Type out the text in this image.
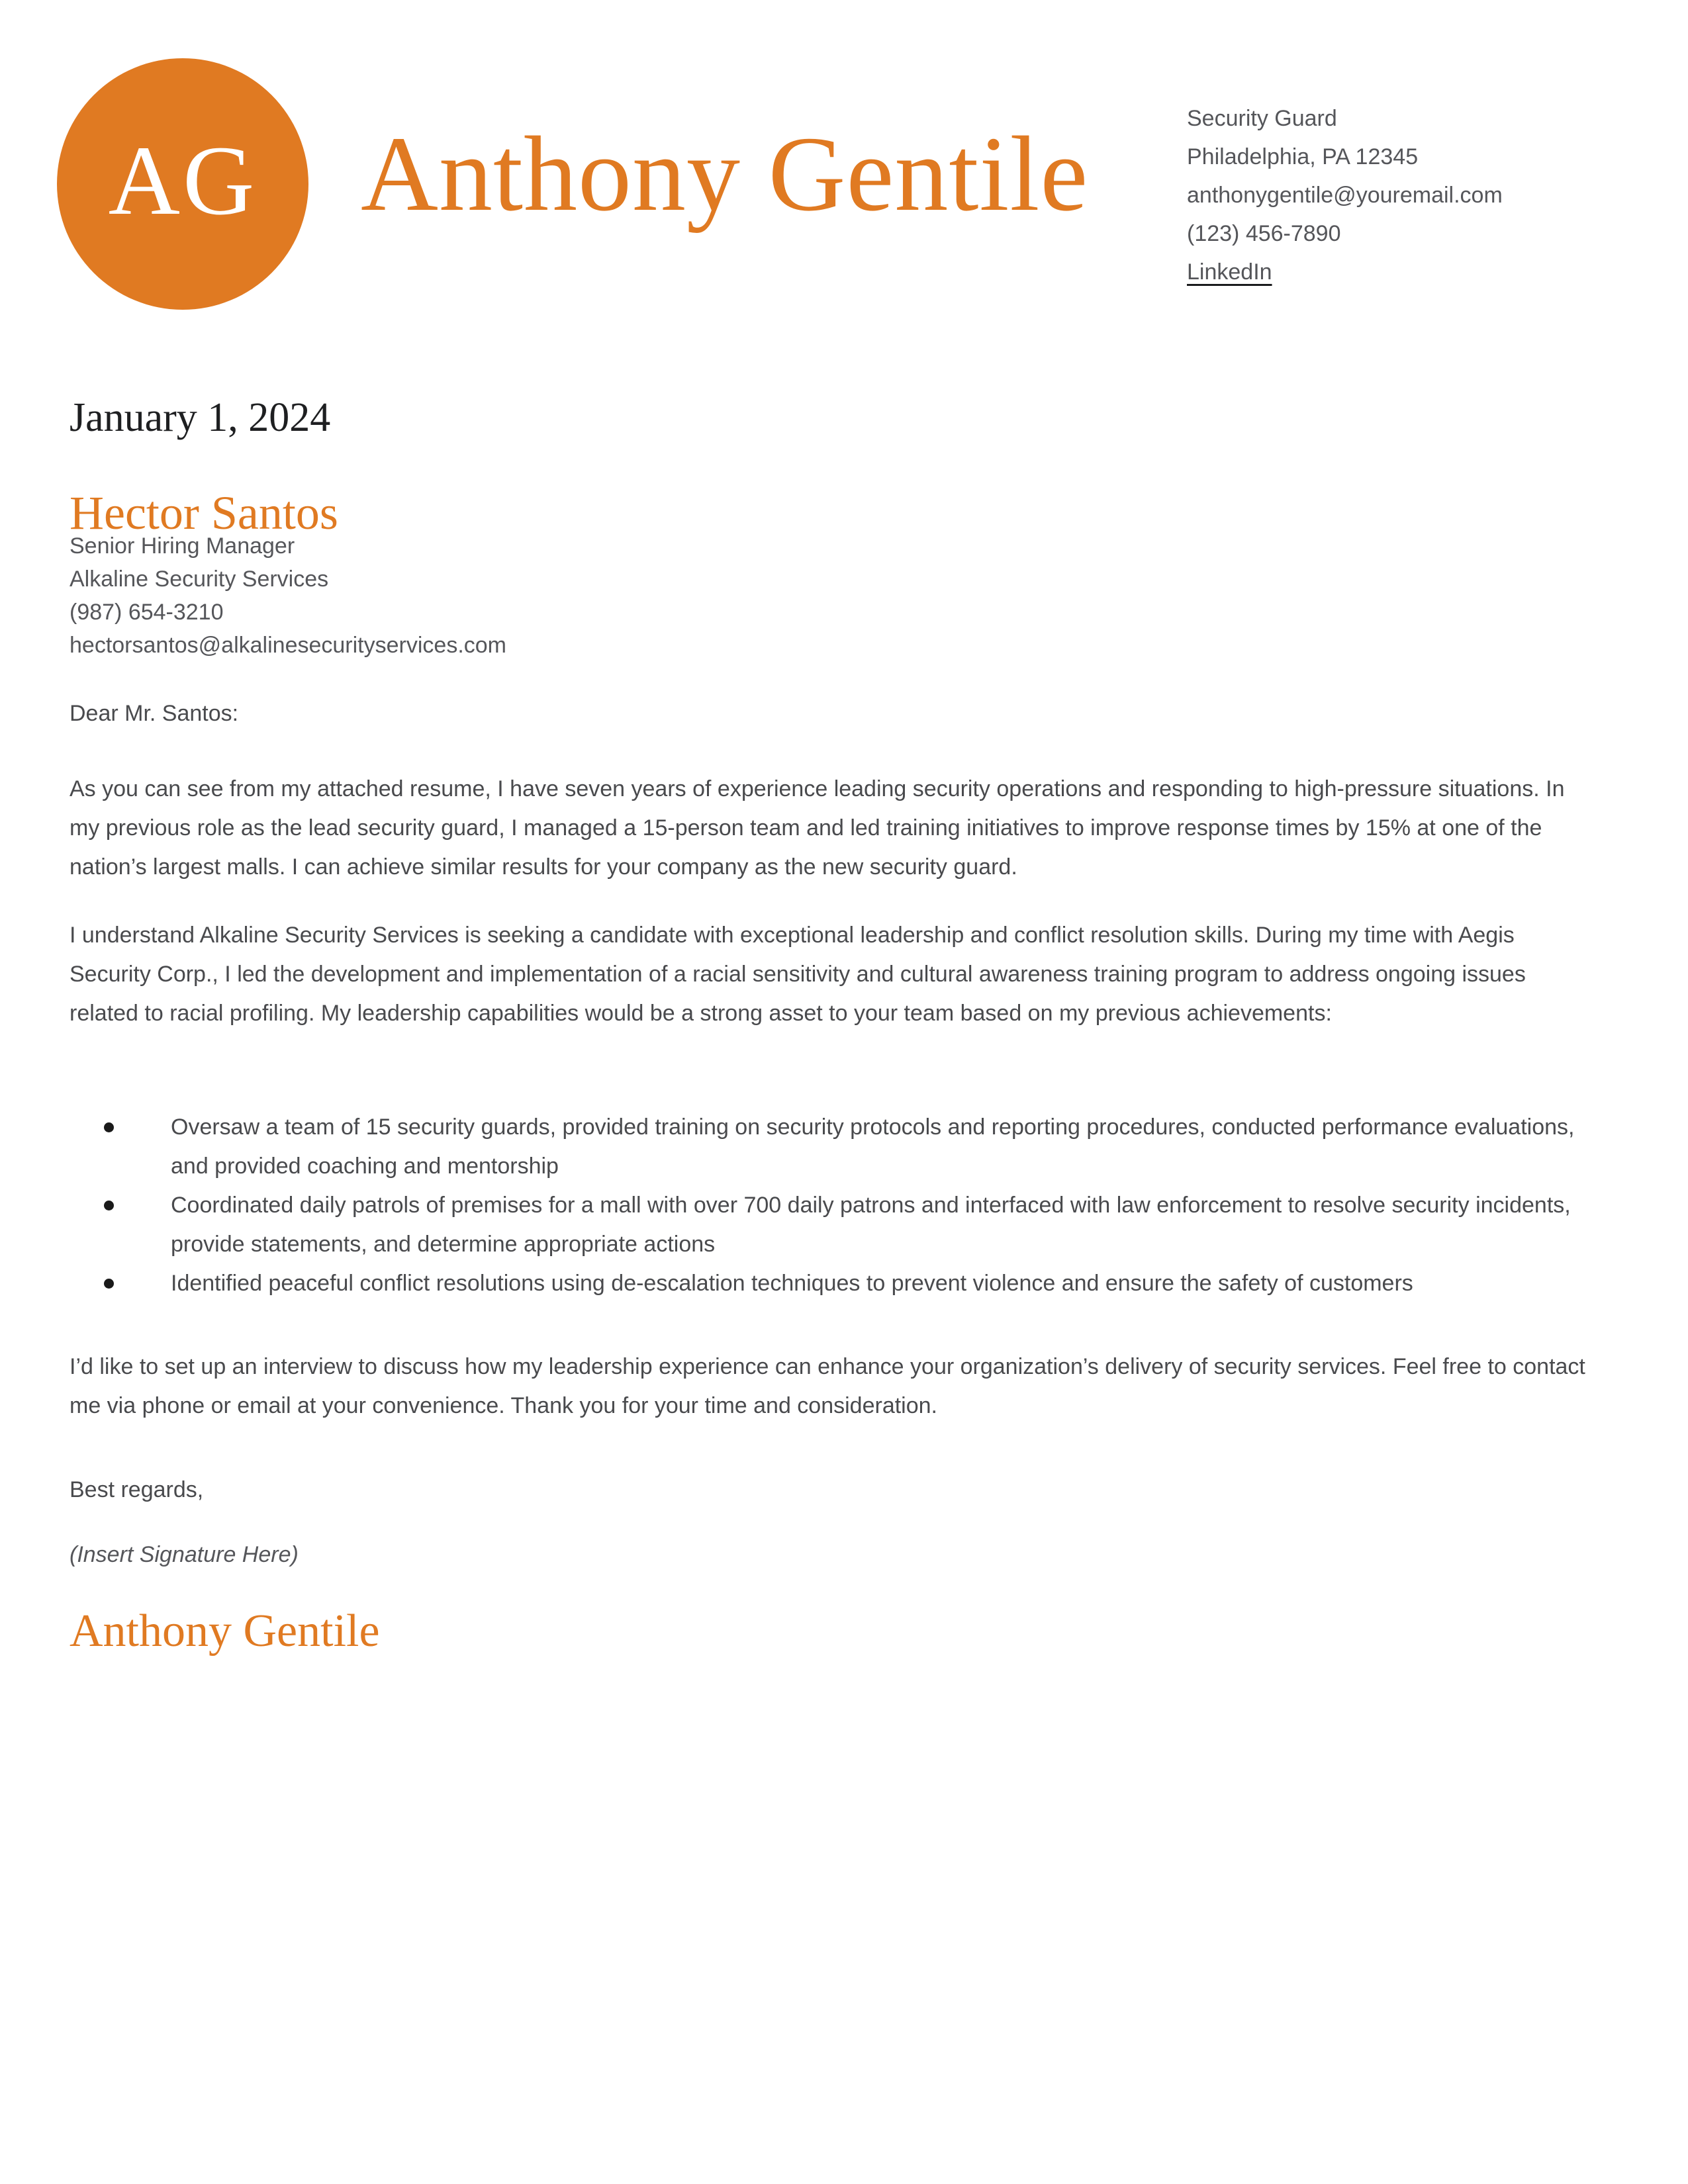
AG Anthony Gentile	Security Guard
Philadelphia, PA 12345
anthonygentile@youremail.com
(123) 456-7890
LinkedIn
January 1, 2024
Hector Santos
Senior Hiring Manager
Alkaline Security Services
(987) 654-3210
hectorsantos@alkalinesecurityservices.com
Dear Mr. Santos:
As you can see from my attached resume, I have seven years of experience leading security operations and responding to high-pressure situations. In my previous role as the lead security guard, I managed a 15-person team and led training initiatives to improve response times by 15% at one of the nation’s largest malls. I can achieve similar results for your company as the new security guard.
I understand Alkaline Security Services is seeking a candidate with exceptional leadership and conflict resolution skills. During my time with Aegis Security Corp., I led the development and implementation of a racial sensitivity and cultural awareness training program to address ongoing issues related to racial profiling. My leadership capabilities would be a strong asset to your team based on my previous achievements:
Oversaw a team of 15 security guards, provided training on security protocols and reporting procedures, conducted performance evaluations, and provided coaching and mentorship
Coordinated daily patrols of premises for a mall with over 700 daily patrons and interfaced with law enforcement to resolve security incidents, provide statements, and determine appropriate actions
Identified peaceful conflict resolutions using de-escalation techniques to prevent violence and ensure the safety of customers
I’d like to set up an interview to discuss how my leadership experience can enhance your organization’s delivery of security services. Feel free to contact me via phone or email at your convenience. Thank you for your time and consideration.
Best regards,
(Insert Signature Here)
Anthony Gentile
